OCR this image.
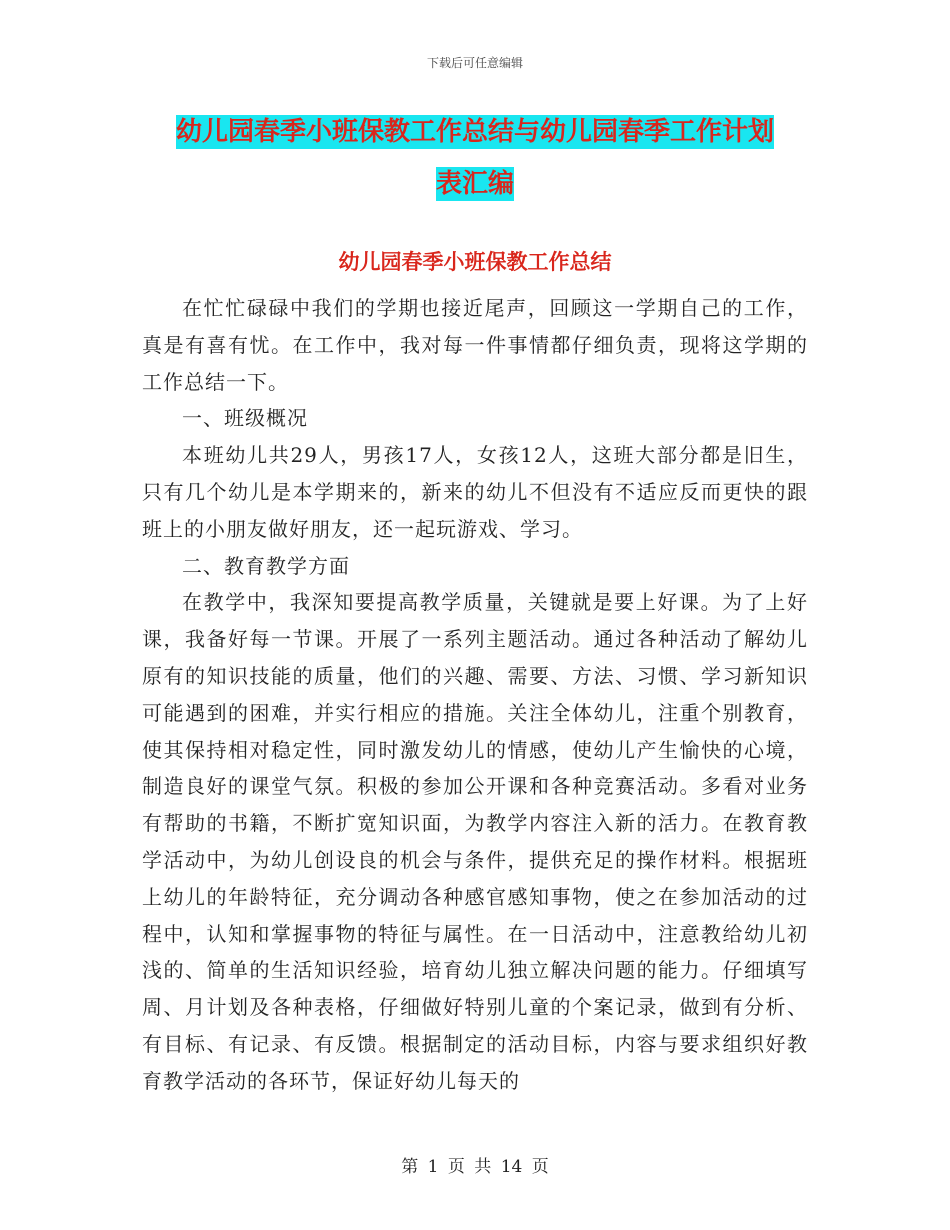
下载后可任意编辑
幼儿园春季小班保教工作总结与幼儿园春季工作计划
表汇编
幼儿园春季小班保教工作总结

在忙忙碌碌中我们的学期也接近尾声，回顾这一学期自己的工作，真是有喜有忧。在工作中，我对每一件事情都仔细负责，现将这学期的工作总结一下。

一、班级概况

本班幼儿共29人，男孩17人，女孩12人，这班大部分都是旧生，只有几个幼儿是本学期来的，新来的幼儿不但没有不适应反而更快的跟班上的小朋友做好朋友，还一起玩游戏、学习。

二、教育教学方面

在教学中，我深知要提高教学质量，关键就是要上好课。为了上好课，我备好每一节课。开展了一系列主题活动。通过各种活动了解幼儿原有的知识技能的质量，他们的兴趣、需要、方法、习惯、学习新知识可能遇到的困难，并实行相应的措施。关注全体幼儿，注重个别教育，使其保持相对稳定性，同时激发幼儿的情感，使幼儿产生愉快的心境，制造良好的课堂气氛。积极的参加公开课和各种竞赛活动。多看对业务有帮助的书籍，不断扩宽知识面，为教学内容注入新的活力。在教育教学活动中，为幼儿创设良的机会与条件，提供充足的操作材料。根据班上幼儿的年龄特征，充分调动各种感官感知事物，使之在参加活动的过程中，认知和掌握事物的特征与属性。在一日活动中，注意教给幼儿初浅的、简单的生活知识经验，培育幼儿独立解决问题的能力。仔细填写周、月计划及各种表格，仔细做好特别儿童的个案记录，做到有分析、有目标、有记录、有反馈。根据制定的活动目标，内容与要求组织好教育教学活动的各环节，保证好幼儿每天的

第 1 页 共 14 页
